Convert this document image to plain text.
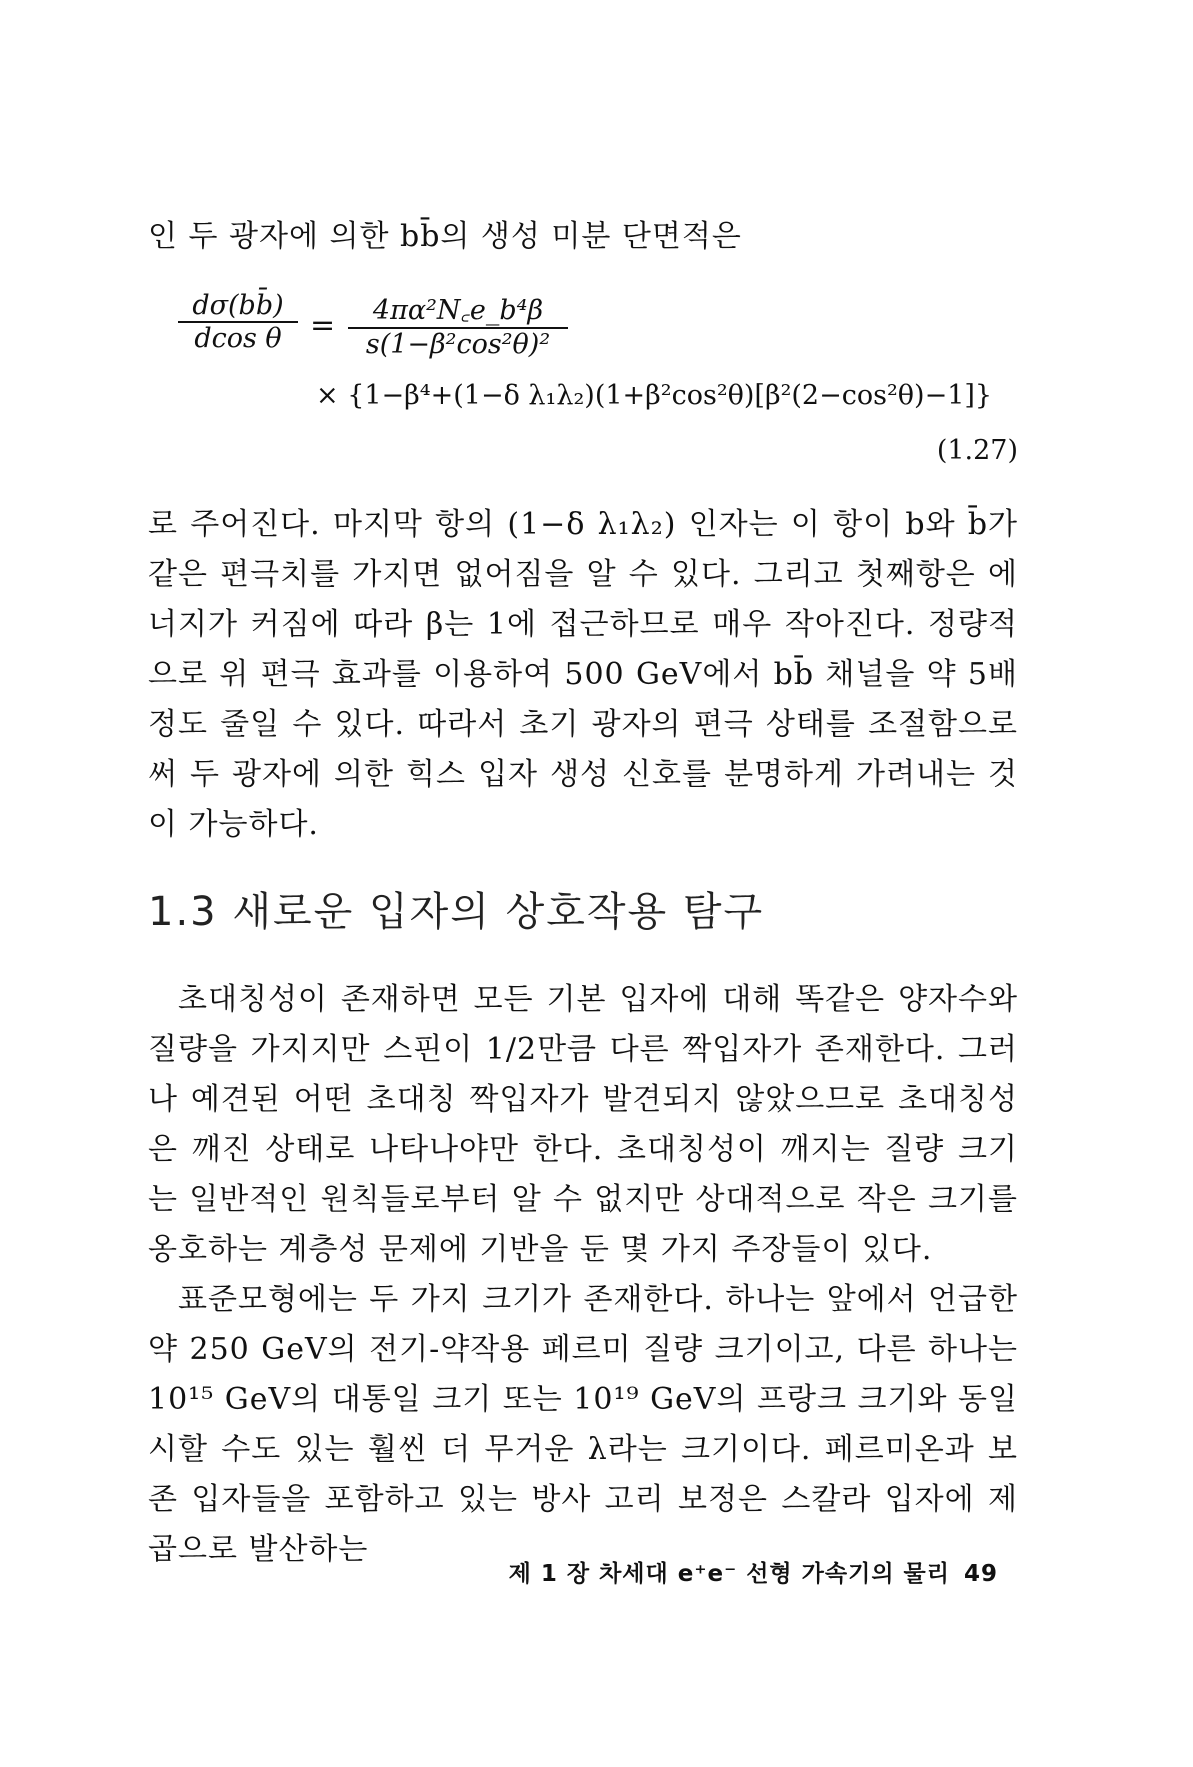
인 두 광자에 의한 bb̄의 생성 미분 단면적은
$\frac{d\sigma(bb̄)}{\text{dcos θ}} = \frac{\text{4πα²N꜀e\_b⁴β}}{\text{s(1−β²cos²θ)²}}$
× {1−β⁴+(1−δ λ₁λ₂)(1+β²cos²θ)[β²(2−cos²θ)−1]}
(1.27)
로 주어진다. 마지막 항의 (1−δ λ₁λ₂) 인자는 이 항이 b와 b̄가 같은 편극치를 가지면 없어짐을 알 수 있다. 그리고 첫째항은 에너지가 커짐에 따라 β는 1에 접근하므로 매우 작아진다. 정량적으로 위 편극 효과를 이용하여 500 GeV에서 bb̄ 채널을 약 5배 정도 줄일 수 있다. 따라서 초기 광자의 편극 상태를 조절함으로써 두 광자에 의한 힉스 입자 생성 신호를 분명하게 가려내는 것이 가능하다.
1.3 새로운 입자의 상호작용 탐구
초대칭성이 존재하면 모든 기본 입자에 대해 똑같은 양자수와 질량을 가지지만 스핀이 1/2만큼 다른 짝입자가 존재한다. 그러나 예견된 어떤 초대칭 짝입자가 발견되지 않았으므로 초대칭성은 깨진 상태로 나타나야만 한다. 초대칭성이 깨지는 질량 크기는 일반적인 원칙들로부터 알 수 없지만 상대적으로 작은 크기를 옹호하는 계층성 문제에 기반을 둔 몇 가지 주장들이 있다.
표준모형에는 두 가지 크기가 존재한다. 하나는 앞에서 언급한 약 250 GeV의 전기-약작용 페르미 질량 크기이고, 다른 하나는 10¹⁵ GeV의 대통일 크기 또는 10¹⁹ GeV의 프랑크 크기와 동일시할 수도 있는 훨씬 더 무거운 λ라는 크기이다. 페르미온과 보존 입자들을 포함하고 있는 방사 고리 보정은 스칼라 입자에 제곱으로 발산하는
제 1 장 차세대 e⁺e⁻ 선형 가속기의 물리 49
